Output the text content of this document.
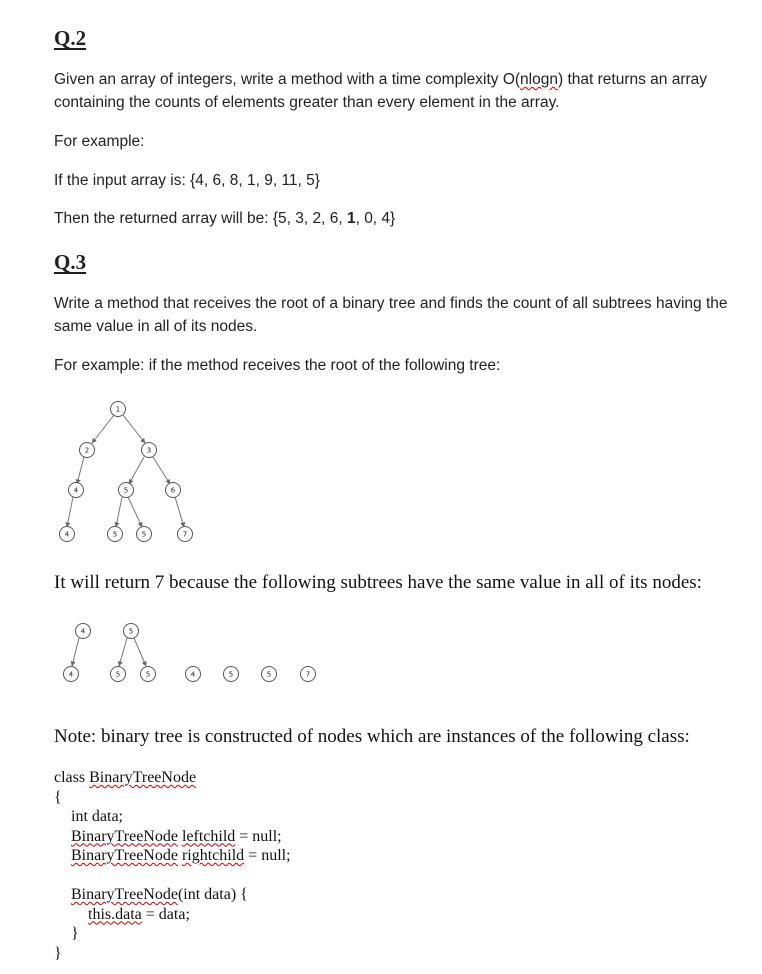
Q.2
Given an array of integers, write a method with a time complexity O(nlogn) that returns an array containing the counts of elements greater than every element in the array.
For example:
If the input array is: {4, 6, 8, 1, 9, 11, 5}
Then the returned array will be: {5, 3, 2, 6, 1, 0, 4}
Q.3
Write a method that receives the root of a binary tree and finds the count of all subtrees having the same value in all of its nodes.
For example: if the method receives the root of the following tree:
1
2	3
4	5	6
4	5	5	7
4
4
5
5	5	4	5	5	7
It will return 7 because the following subtrees have the same value in all of its nodes:
Note: binary tree is constructed of nodes which are instances of the following class:
class BinaryTreeNode
{
int data;
BinaryTreeNode leftchild = null;
BinaryTreeNode rightchild = null;
BinaryTreeNode(int data) {
this.data = data;
}
}
